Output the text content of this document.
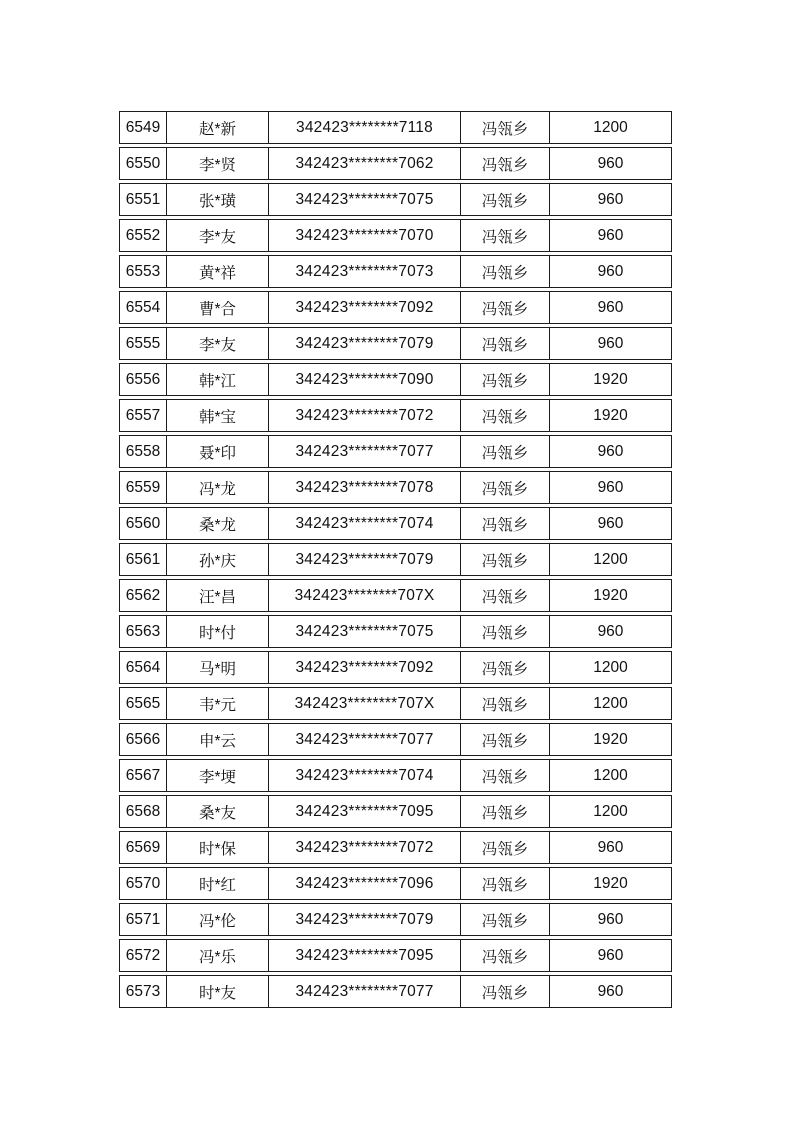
6549	赵*新	342423********7118	冯瓴乡	1200
6550	李*贤	342423********7062	冯瓴乡	960
6551	张*璜	342423********7075	冯瓴乡	960
6552	李*友	342423********7070	冯瓴乡	960
6553	黄*祥	342423********7073	冯瓴乡	960
6554	曹*合	342423********7092	冯瓴乡	960
6555	李*友	342423********7079	冯瓴乡	960
6556	韩*江	342423********7090	冯瓴乡	1920
6557	韩*宝	342423********7072	冯瓴乡	1920
6558	聂*印	342423********7077	冯瓴乡	960
6559	冯*龙	342423********7078	冯瓴乡	960
6560	桑*龙	342423********7074	冯瓴乡	960
6561	孙*庆	342423********7079	冯瓴乡	1200
6562	汪*昌	342423********707X	冯瓴乡	1920
6563	时*付	342423********7075	冯瓴乡	960
6564	马*明	342423********7092	冯瓴乡	1200
6565	韦*元	342423********707X	冯瓴乡	1200
6566	申*云	342423********7077	冯瓴乡	1920
6567	李*埂	342423********7074	冯瓴乡	1200
6568	桑*友	342423********7095	冯瓴乡	1200
6569	时*保	342423********7072	冯瓴乡	960
6570	时*红	342423********7096	冯瓴乡	1920
6571	冯*伦	342423********7079	冯瓴乡	960
6572	冯*乐	342423********7095	冯瓴乡	960
6573	时*友	342423********7077	冯瓴乡	960
